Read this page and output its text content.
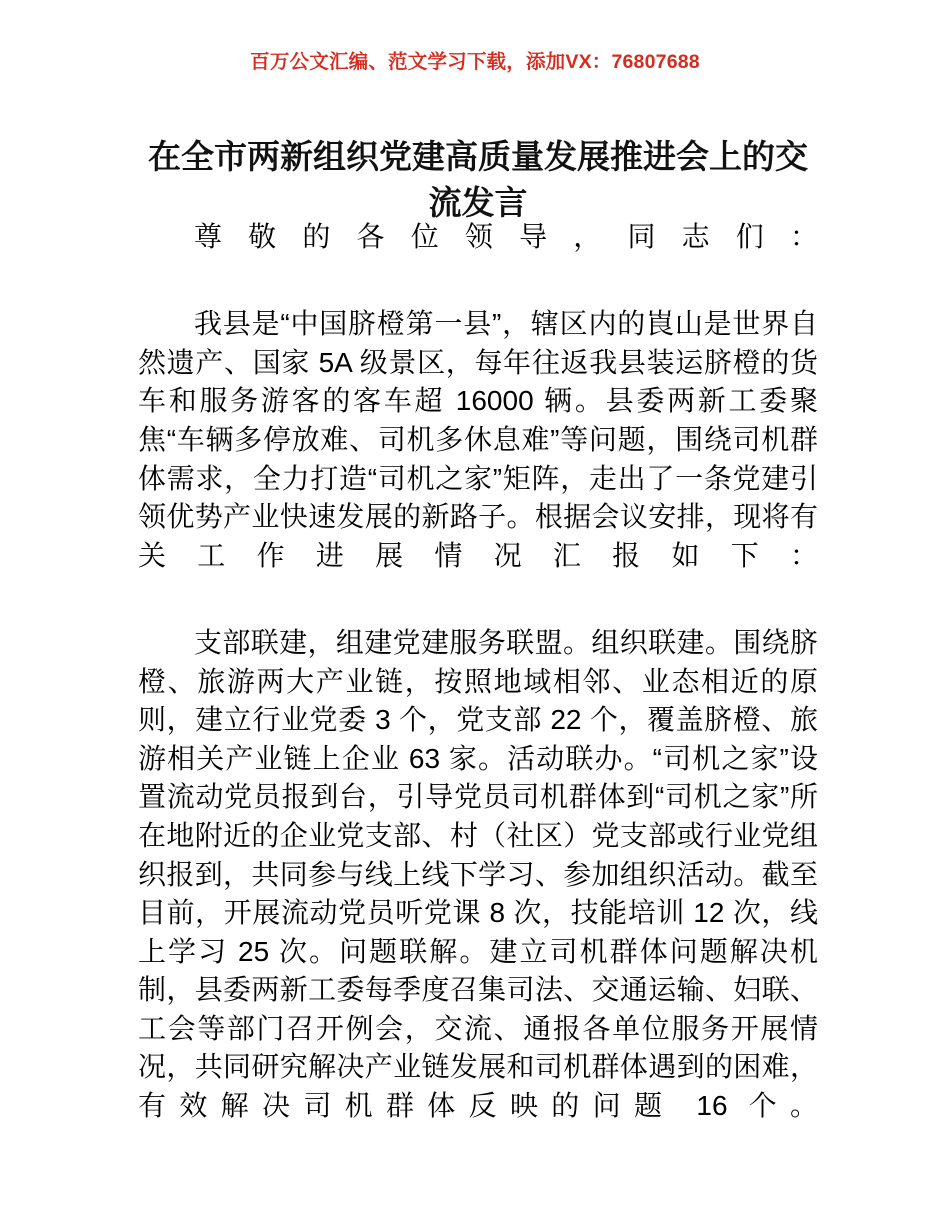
百万公文汇编、范文学习下载，添加VX：76807688
在全市两新组织党建高质量发展推进会上的交流发言

尊敬的各位领导，同志们：

我县是“中国脐橙第一县”，辖区内的崀山是世界自然遗产、国家 5A 级景区，每年往返我县装运脐橙的货车和服务游客的客车超 16000 辆。县委两新工委聚焦“车辆多停放难、司机多休息难”等问题，围绕司机群体需求，全力打造“司机之家”矩阵，走出了一条党建引领优势产业快速发展的新路子。根据会议安排，现将有关工作进展情况汇报如下：

支部联建，组建党建服务联盟。组织联建。围绕脐橙、旅游两大产业链，按照地域相邻、业态相近的原则，建立行业党委 3 个，党支部 22 个，覆盖脐橙、旅游相关产业链上企业 63 家。活动联办。“司机之家”设置流动党员报到台，引导党员司机群体到“司机之家”所在地附近的企业党支部、村（社区）党支部或行业党组织报到，共同参与线上线下学习、参加组织活动。截至目前，开展流动党员听党课 8 次，技能培训 12 次，线上学习 25 次。问题联解。建立司机群体问题解决机制，县委两新工委每季度召集司法、交通运输、妇联、工会等部门召开例会，交流、通报各单位服务开展情况，共同研究解决产业链发展和司机群体遇到的困难，有效解决司机群体反映的问题 16 个。
